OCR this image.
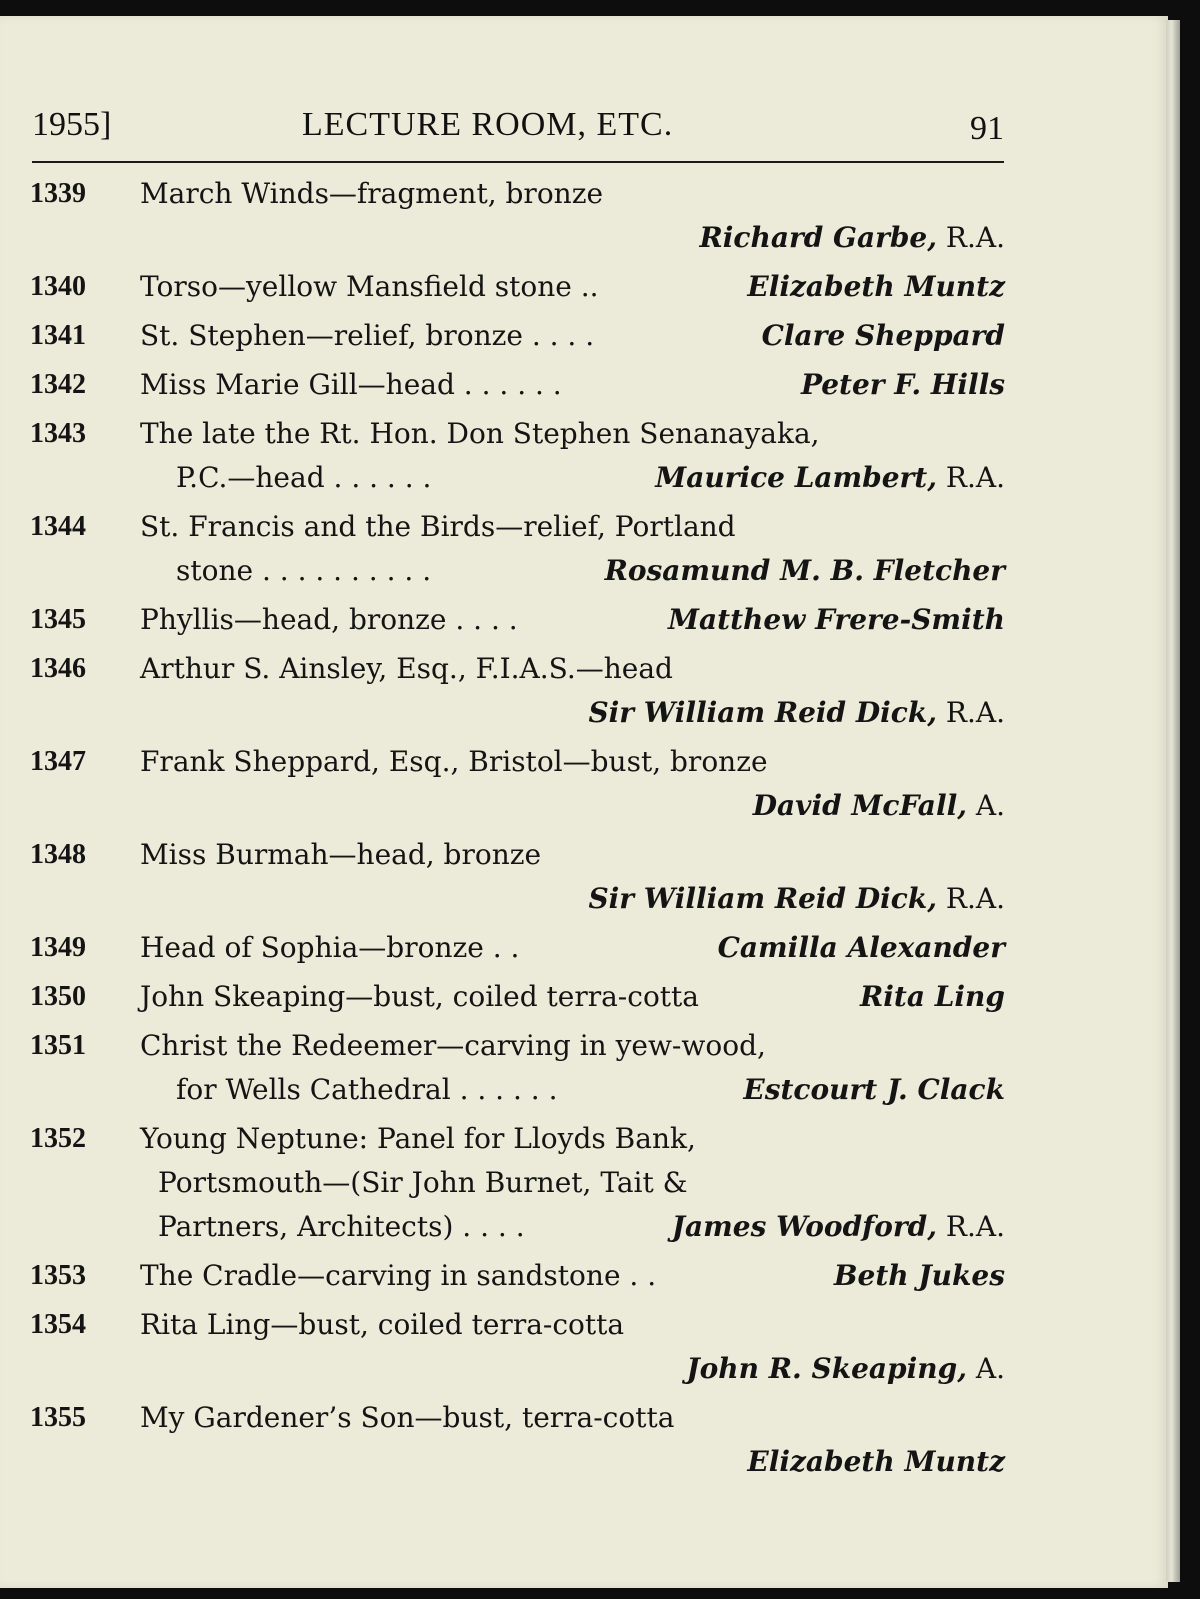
1955]	LECTURE ROOM, ETC.	91
1339 March Winds—fragment, bronze
Richard Garbe, R.A.
1340 Torso—yellow Mansfield stone ..	Elizabeth Muntz
1341 St. Stephen—relief, bronze . . . .	Clare Sheppard
1342 Miss Marie Gill—head . . . . . .	Peter F. Hills
1343 The late the Rt. Hon. Don Stephen Senanayaka,
P.C.—head . . . . . .	Maurice Lambert, R.A.
1344 St. Francis and the Birds—relief, Portland
stone . . . . . . . . . .	Rosamund M. B. Fletcher
1345 Phyllis—head, bronze . . . .	Matthew Frere-Smith
1346 Arthur S. Ainsley, Esq., F.I.A.S.—head
Sir William Reid Dick, R.A.
1347 Frank Sheppard, Esq., Bristol—bust, bronze
David McFall, A.
1348 Miss Burmah—head, bronze
Sir William Reid Dick, R.A.
1349 Head of Sophia—bronze . .	Camilla Alexander
1350 John Skeaping—bust, coiled terra-cotta	Rita Ling
1351 Christ the Redeemer—carving in yew-wood,
for Wells Cathedral . . . . . .	Estcourt J. Clack
1352 Young Neptune: Panel for Lloyds Bank,
Portsmouth—(Sir John Burnet, Tait &
Partners, Architects) . . . .	James Woodford, R.A.
1353 The Cradle—carving in sandstone . .	Beth Jukes
1354 Rita Ling—bust, coiled terra-cotta
John R. Skeaping, A.
1355 My Gardener’s Son—bust, terra-cotta
Elizabeth Muntz
